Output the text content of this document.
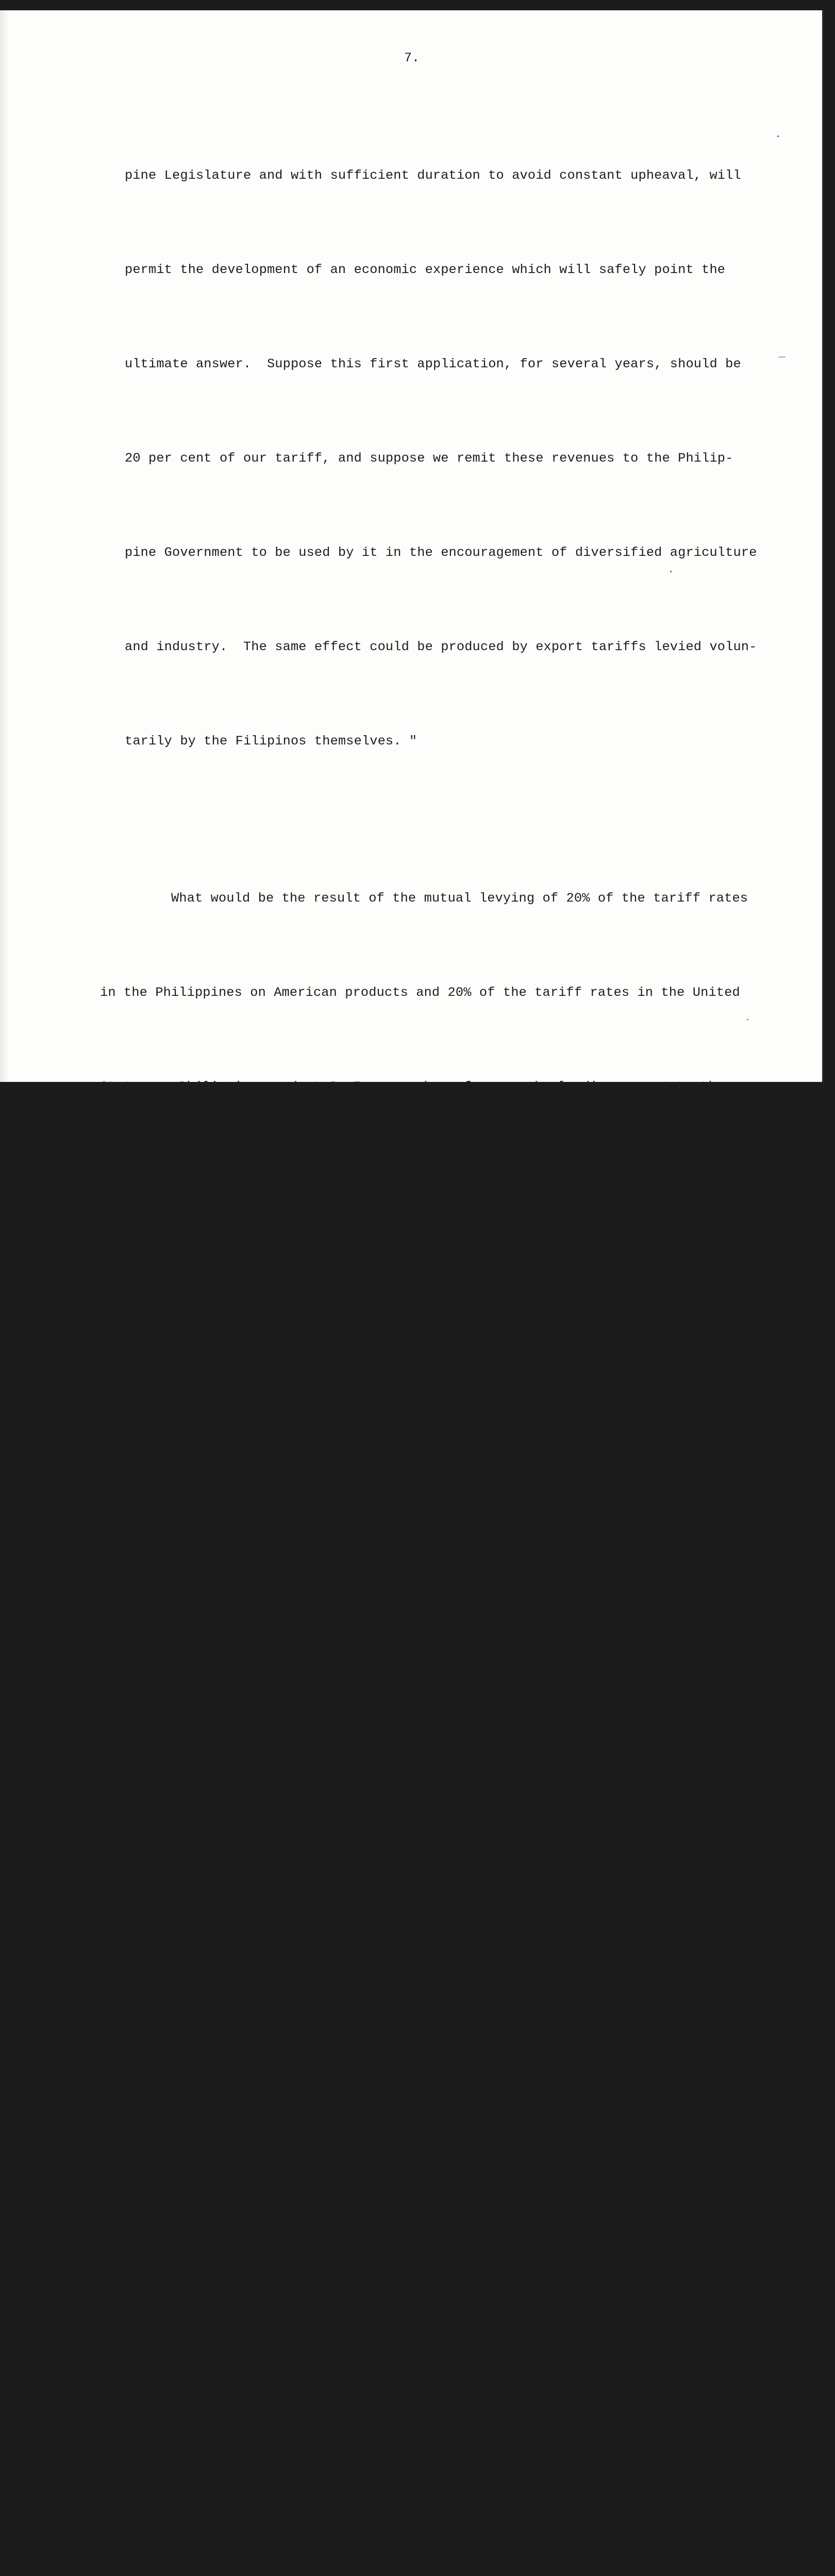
7.

pine Legislature and with sufficient duration to avoid constant upheaval, will

permit the development of an economic experience which will safely point the

ultimate answer.  Suppose this first application, for several years, should be

20 per cent of our tariff, and suppose we remit these revenues to the Philip-

pine Government to be used by it in the encouragement of diversified agriculture

and industry.  The same effect could be produced by export tariffs levied volun-

tarily by the Filipinos themselves. "

What would be the result of the mutual levying of 20% of the tariff rates

in the Philippines on American products and 20% of the tariff rates in the United

States on Philippine products?  For a number of years the leading export to the

Philippine Islands from the United States was cotton goods.  In 1922 the Philippines

purchased in the United States 68.23% of its total purchase of cotton goods.  In 1930

this percentage had fallen to 46.72, this though American goods continued to enter

the Philippines  free of duty and the rate on foreign goods entering the Philippines

was unchanged.  Would not the imposition of 20% of the duty on American goods mean

the loss of this market to American textile manufacturere?

The next textile in importance imported into the Philippines is silk, nat-

ural and artificial.  In 1929 the United States furnished 43.61% of this and in 1930

24.03%.  Would not the application of 20% of the duty to American goods under this

classification mean practically their disappearance?  In 1930 the United States fur-

nished 61.31% of the Philippine imports of meat and dairy products, 89% of the imports

of wheat flour.  These percentages themselves indicate that there is now serious com-

petition in these fields with certain foreign countries.  An analysis of United

States exports to the Philippines indicates rather clearly that any reduction of the

American preference in the Philippine market will be a serious blow to the American
